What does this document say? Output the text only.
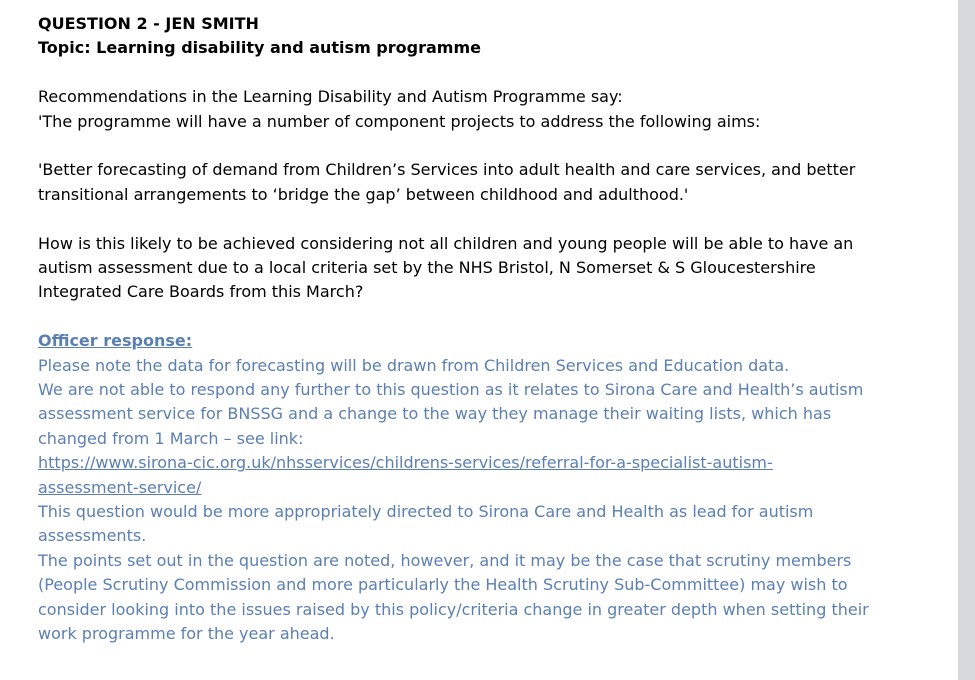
QUESTION 2 - JEN SMITH
Topic: Learning disability and autism programme
Recommendations in the Learning Disability and Autism Programme say:
'The programme will have a number of component projects to address the following aims:
'Better forecasting of demand from Children’s Services into adult health and care services, and better
transitional arrangements to ‘bridge the gap’ between childhood and adulthood.'
How is this likely to be achieved considering not all children and young people will be able to have an
autism assessment due to a local criteria set by the NHS Bristol, N Somerset & S Gloucestershire
Integrated Care Boards from this March?
Officer response:
Please note the data for forecasting will be drawn from Children Services and Education data.
We are not able to respond any further to this question as it relates to Sirona Care and Health’s autism
assessment service for BNSSG and a change to the way they manage their waiting lists, which has
changed from 1 March – see link:
https://www.sirona-cic.org.uk/nhsservices/childrens-services/referral-for-a-specialist-autism-
assessment-service/
This question would be more appropriately directed to Sirona Care and Health as lead for autism
assessments.
The points set out in the question are noted, however, and it may be the case that scrutiny members
(People Scrutiny Commission and more particularly the Health Scrutiny Sub-Committee) may wish to
consider looking into the issues raised by this policy/criteria change in greater depth when setting their
work programme for the year ahead.
